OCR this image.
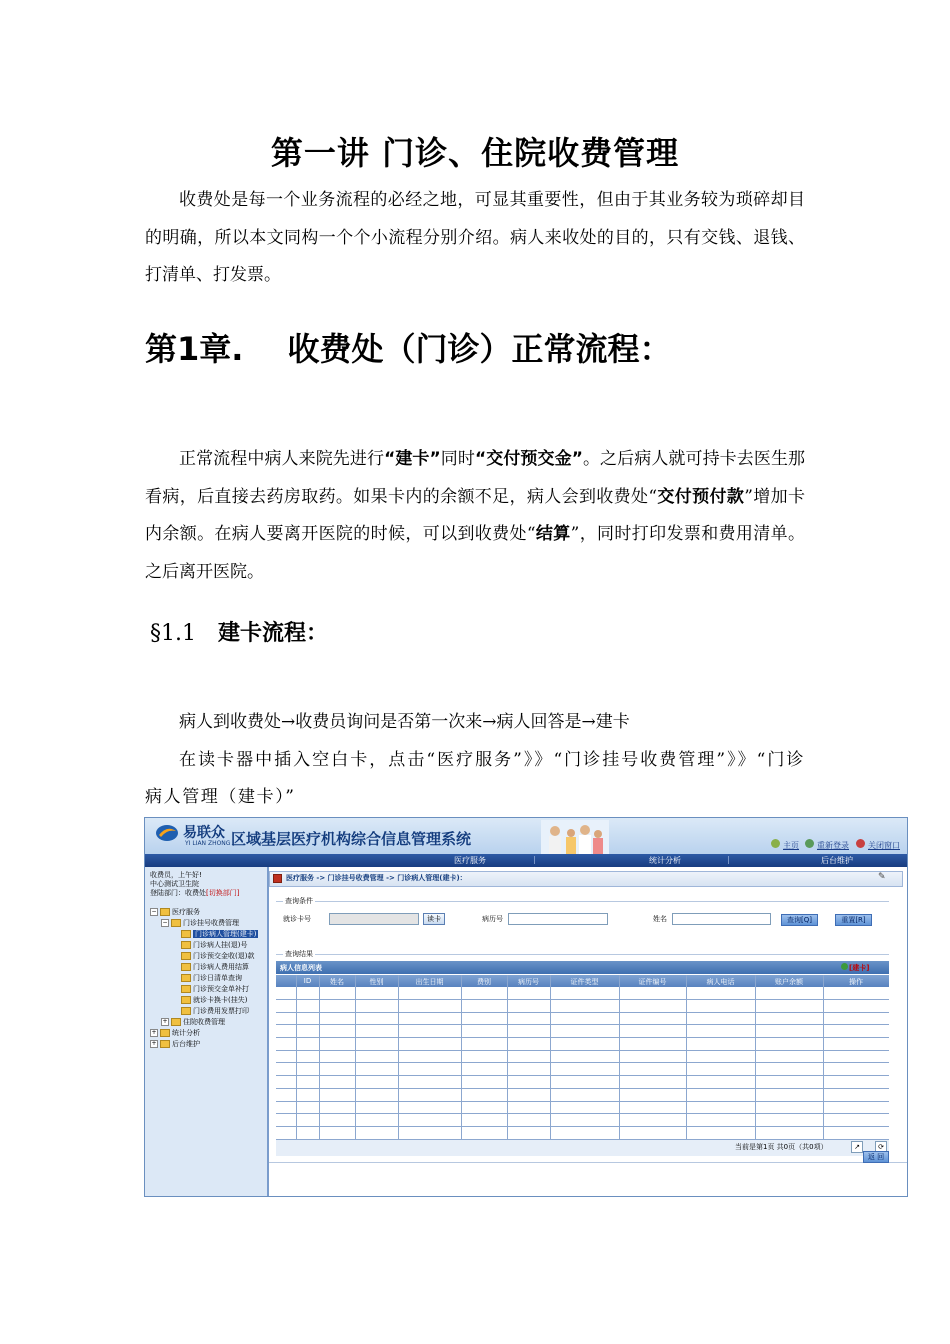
第一讲 门诊、住院收费管理

收费处是每一个业务流程的必经之地，可显其重要性，但由于其业务较为琐碎却目的明确，所以本文同构一个个小流程分别介绍。病人来收处的目的，只有交钱、退钱、打清单、打发票。

第1章. 收费处（门诊）正常流程：

正常流程中病人来院先进行“建卡”同时“交付预交金”。之后病人就可持卡去医生那看病，后直接去药房取药。如果卡内的余额不足，病人会到收费处“交付预付款”增加卡内余额。在病人要离开医院的时候，可以到收费处“结算”，同时打印发票和费用清单。之后离开医院。

§1.1 建卡流程：

病人到收费处→收费员询问是否第一次来→病人回答是→建卡

在读卡器中插入空白卡，点击“医疗服务”》》“门诊挂号收费管理”》》“门诊病人管理（建卡）”

易联众
YI LIAN ZHONG 区域基层医疗机构综合信息管理系统	主页 重新登录 关闭窗口
医疗服务	|	统计分析	|	后台维护
收费员，上午好!
中心测试卫生院
登陆部门：收费处[切换部门]
− 医疗服务
− 门诊挂号收费管理
门诊病人管理(建卡)
门诊病人挂(退)号
门诊预交金收(退)款
门诊病人费用结算
门诊日清单查询
门诊预交金单补打
就诊卡换卡(挂失)
门诊费用发票打印
+ 住院收费管理
+ 统计分析
+ 后台维护
医疗服务 -> 门诊挂号收费管理 -> 门诊病人管理(建卡)：	✎
查询条件
就诊卡号	读卡	病历号	姓名	查询[Q]	重置[R]
查询结果
病人信息列表	[建卡]
当前是第1页 共0页（共0项）	↗	⟳
返 回
ID	姓名	性别	出生日期	费别	病历号	证件类型	证件编号	病人电话	账户余额	操作
